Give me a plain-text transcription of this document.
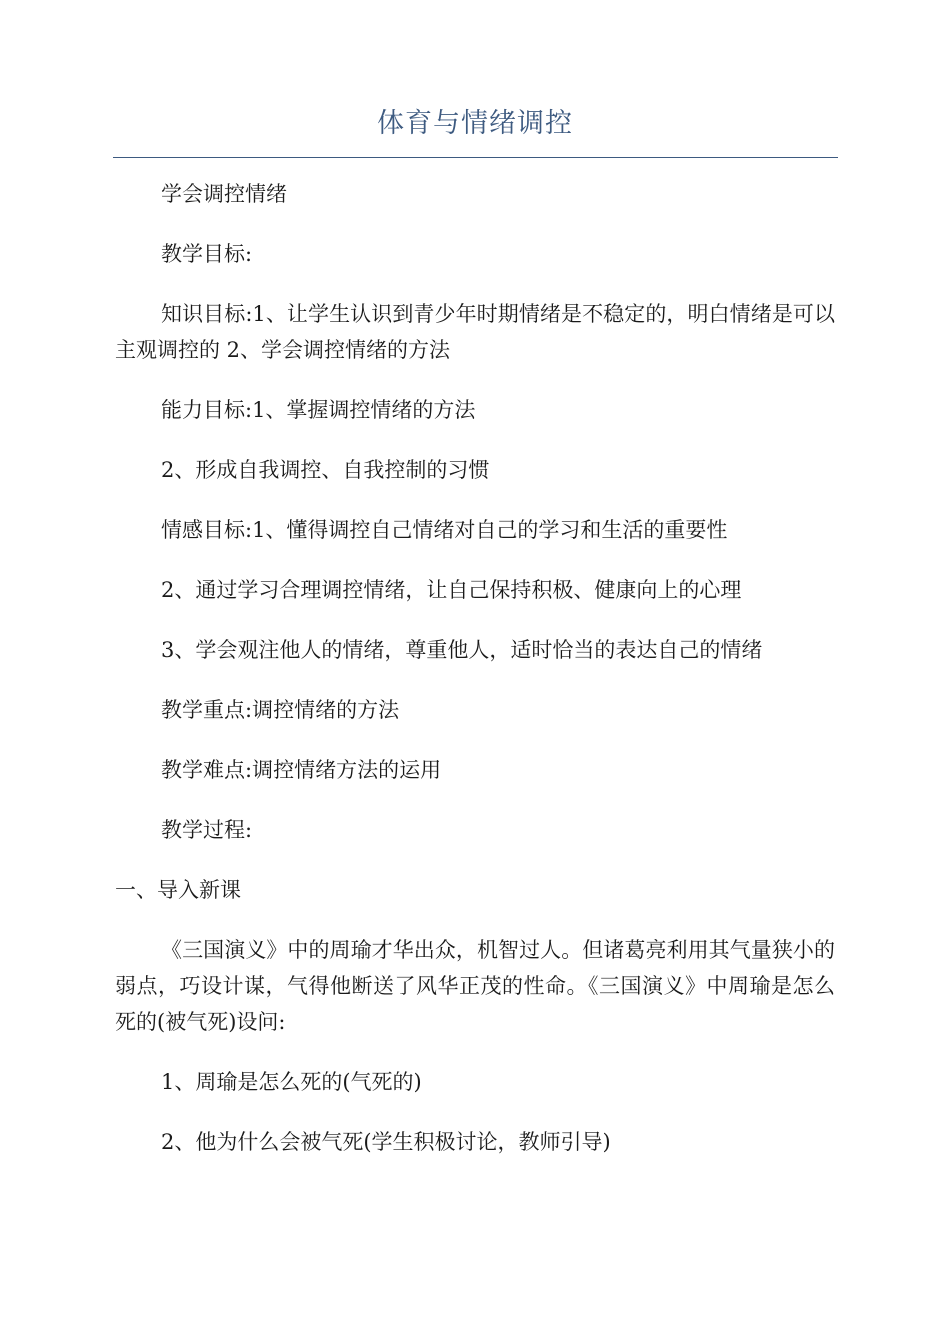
体育与情绪调控

学会调控情绪

教学目标:

知识目标:1、让学生认识到青少年时期情绪是不稳定的，明白情绪是可以主观调控的 2、学会调控情绪的方法

能力目标:1、掌握调控情绪的方法

2、形成自我调控、自我控制的习惯

情感目标:1、懂得调控自己情绪对自己的学习和生活的重要性

2、通过学习合理调控情绪，让自己保持积极、健康向上的心理

3、学会观注他人的情绪，尊重他人，适时恰当的表达自己的情绪

教学重点:调控情绪的方法

教学难点:调控情绪方法的运用

教学过程:

一、导入新课

《三国演义》中的周瑜才华出众，机智过人。但诸葛亮利用其气量狭小的弱点，巧设计谋，气得他断送了风华正茂的性命。《三国演义》中周瑜是怎么死的(被气死)设问:

1、周瑜是怎么死的(气死的)

2、他为什么会被气死(学生积极讨论，教师引导)
